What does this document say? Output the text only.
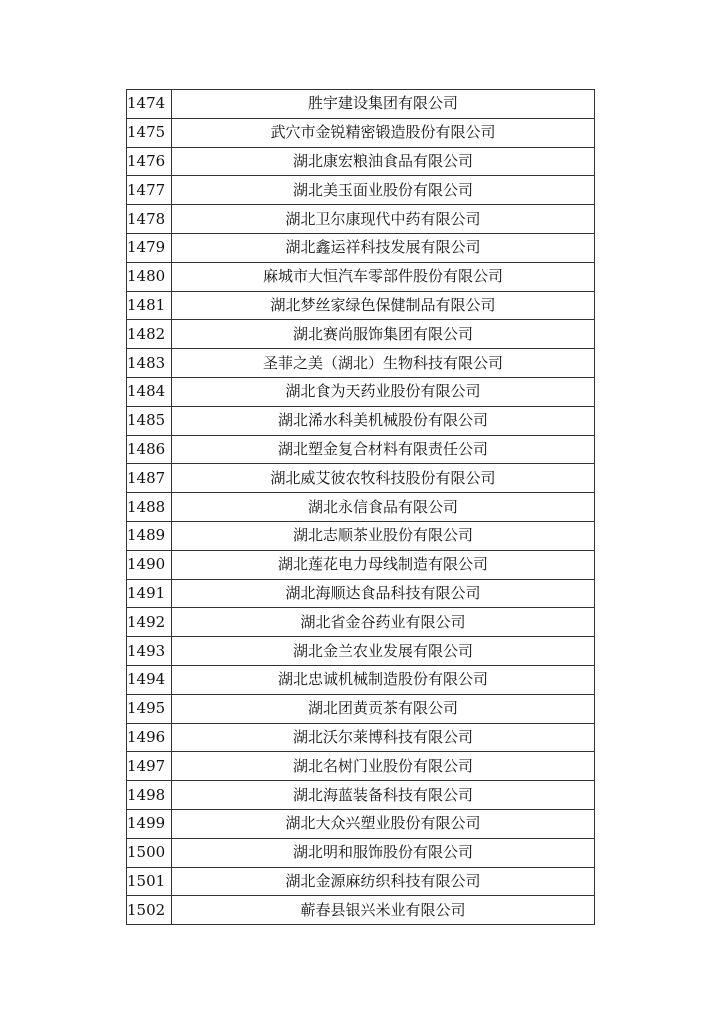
1474	胜宇建设集团有限公司
1475	武穴市金锐精密锻造股份有限公司
1476	湖北康宏粮油食品有限公司
1477	湖北美玉面业股份有限公司
1478	湖北卫尔康现代中药有限公司
1479	湖北鑫运祥科技发展有限公司
1480	麻城市大恒汽车零部件股份有限公司
1481	湖北梦丝家绿色保健制品有限公司
1482	湖北赛尚服饰集团有限公司
1483	圣菲之美（湖北）生物科技有限公司
1484	湖北食为天药业股份有限公司
1485	湖北浠水科美机械股份有限公司
1486	湖北塑金复合材料有限责任公司
1487	湖北威艾彼农牧科技股份有限公司
1488	湖北永信食品有限公司
1489	湖北志顺茶业股份有限公司
1490	湖北莲花电力母线制造有限公司
1491	湖北海顺达食品科技有限公司
1492	湖北省金谷药业有限公司
1493	湖北金兰农业发展有限公司
1494	湖北忠诚机械制造股份有限公司
1495	湖北团黄贡茶有限公司
1496	湖北沃尔莱博科技有限公司
1497	湖北名树门业股份有限公司
1498	湖北海蓝装备科技有限公司
1499	湖北大众兴塑业股份有限公司
1500	湖北明和服饰股份有限公司
1501	湖北金源麻纺织科技有限公司
1502	蕲春县银兴米业有限公司
